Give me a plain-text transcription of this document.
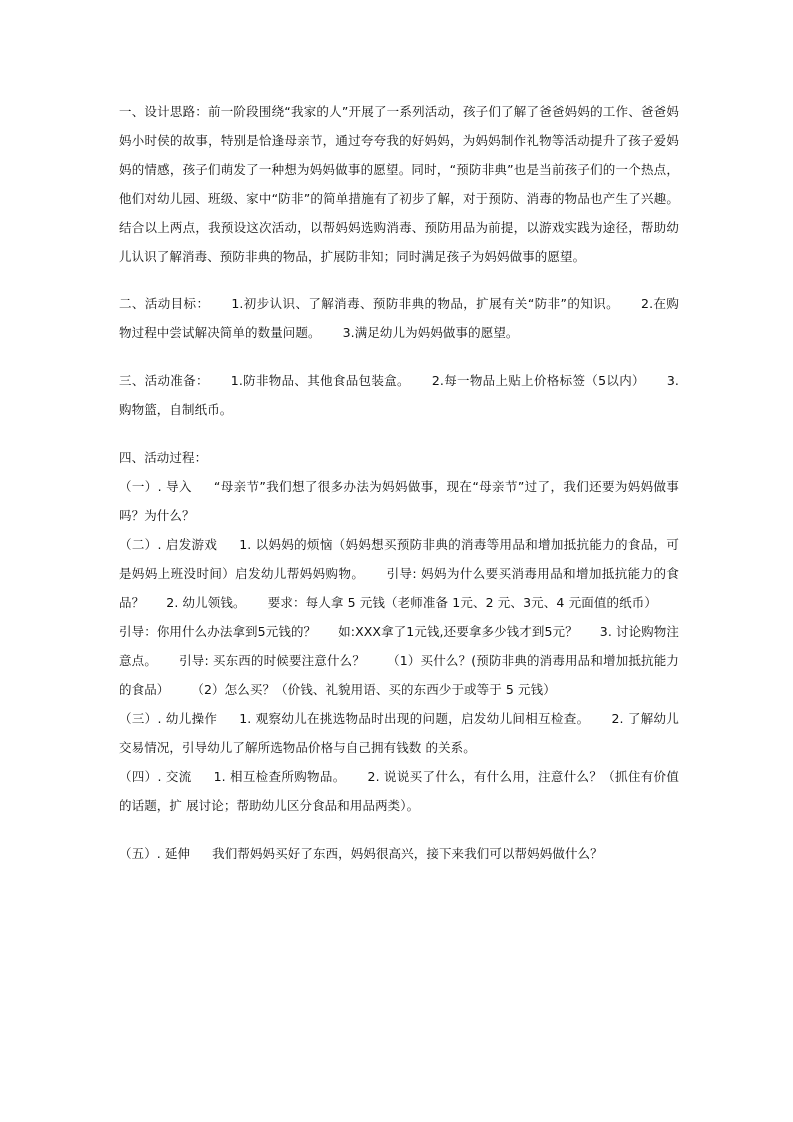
一、设计思路：前一阶段围绕“我家的人”开展了一系列活动，孩子们了解了爸爸妈妈的工作、爸爸妈妈小时侯的故事，特别是恰逢母亲节，通过夸夸我的好妈妈，为妈妈制作礼物等活动提升了孩子爱妈妈的情感，孩子们萌发了一种想为妈妈做事的愿望。同时，“预防非典”也是当前孩子们的一个热点，他们对幼儿园、班级、家中“防非”的简单措施有了初步了解，对于预防、消毒的物品也产生了兴趣。结合以上两点，我预设这次活动，以帮妈妈选购消毒、预防用品为前提，以游戏实践为途径，帮助幼儿认识了解消毒、预防非典的物品，扩展防非知；同时满足孩子为妈妈做事的愿望。

二、活动目标： 1.初步认识、了解消毒、预防非典的物品，扩展有关“防非”的知识。 2.在购物过程中尝试解决简单的数量问题。 3.满足幼儿为妈妈做事的愿望。

三、活动准备： 1.防非物品、其他食品包装盒。 2.每一物品上贴上价格标签（5以内） 3.购物篮，自制纸币。

四、活动过程：

（一）. 导入 “母亲节”我们想了很多办法为妈妈做事，现在“母亲节”过了，我们还要为妈妈做事吗？为什么？

（二）. 启发游戏 1. 以妈妈的烦恼（妈妈想买预防非典的消毒等用品和增加抵抗能力的食品，可是妈妈上班没时间）启发幼儿帮妈妈购物。 引导: 妈妈为什么要买消毒用品和增加抵抗能力的食品？ 2. 幼儿领钱。 要求：每人拿 5 元钱（老师准备 1元、2 元、3元、4 元面值的纸币）引导：你用什么办法拿到5元钱的？ 如:XXX拿了1元钱,还要拿多少钱才到5元？ 3. 讨论购物注意点。 引导: 买东西的时候要注意什么？ （1）买什么？(预防非典的消毒用品和增加抵抗能力的食品） （2）怎么买？（价钱、礼貌用语、买的东西少于或等于 5 元钱）

（三）. 幼儿操作 1. 观察幼儿在挑选物品时出现的问题，启发幼儿间相互检查。 2. 了解幼儿交易情况，引导幼儿了解所选物品价格与自己拥有钱数 的关系。

（四）. 交流 1. 相互检查所购物品。 2. 说说买了什么，有什么用，注意什么？（抓住有价值的话题，扩 展讨论；帮助幼儿区分食品和用品两类）。

（五）. 延伸 我们帮妈妈买好了东西，妈妈很高兴，接下来我们可以帮妈妈做什么？
